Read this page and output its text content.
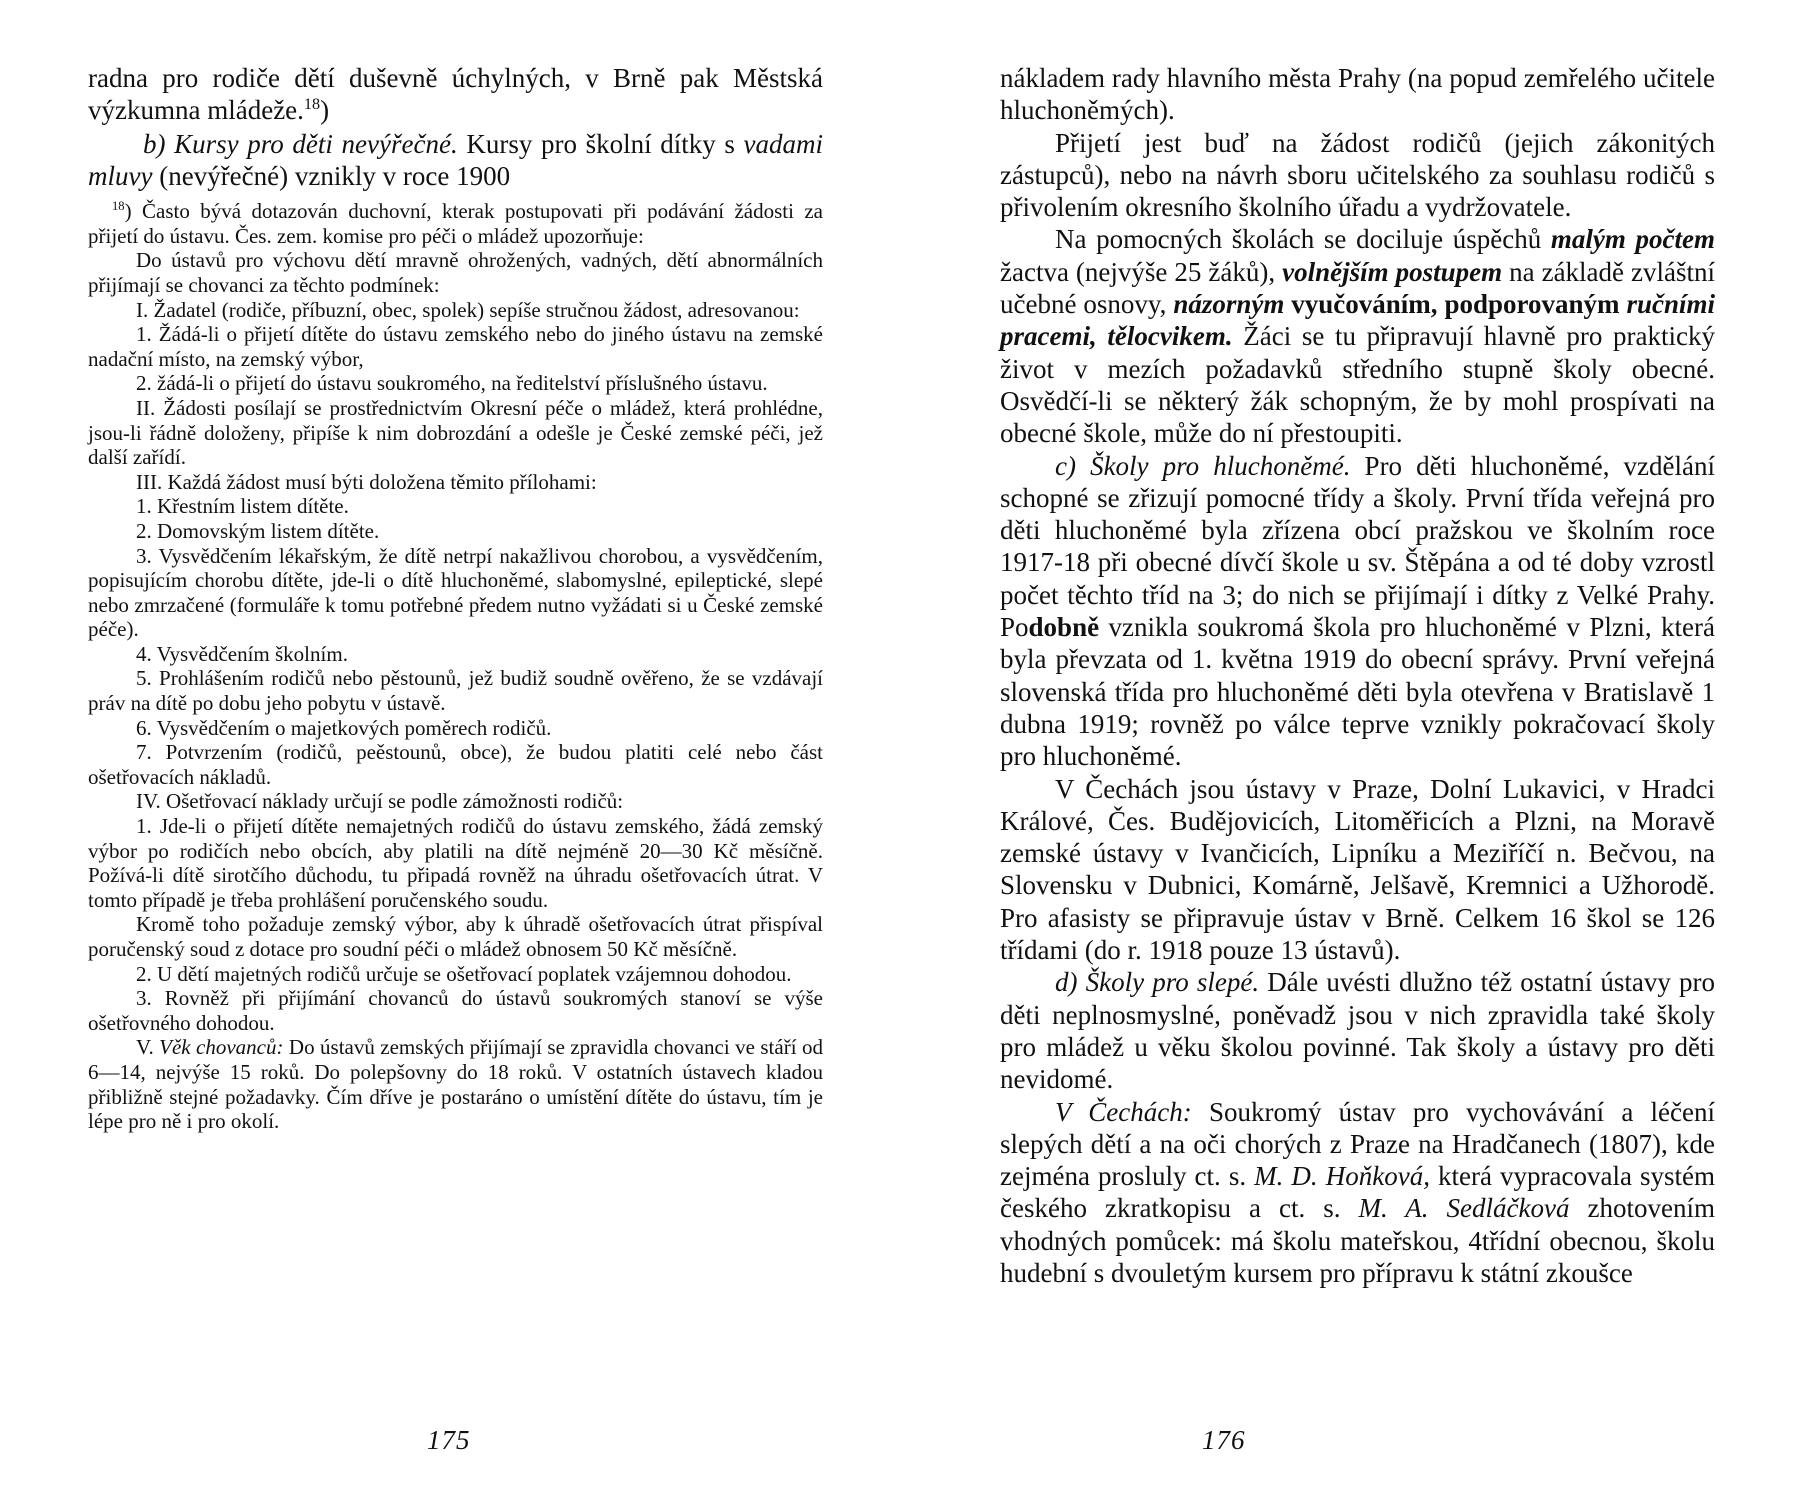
radna pro rodiče dětí duševně úchylných, v Brně pak Městská výzkumna mládeže.$^{18}$)

b) Kursy pro děti nevýřečné. Kursy pro školní dítky s vadami mluvy (nevýřečné) vznikly v roce 1900

$^{18}$) Často bývá dotazován duchovní, kterak postupovati při podávání žádosti za přijetí do ústavu. Čes. zem. komise pro péči o mládež upozorňuje:

Do ústavů pro výchovu dětí mravně ohrožených, vadných, dětí abnormálních přijímají se chovanci za těchto podmínek:

I. Žadatel (rodiče, příbuzní, obec, spolek) sepíše stručnou žádost, adresovanou:

1. Žádá-li o přijetí dítěte do ústavu zemského nebo do jiného ústavu na zemské nadační místo, na zemský výbor,

2. žádá-li o přijetí do ústavu soukromého, na ředitelství příslušného ústavu.

II. Žádosti posílají se prostřednictvím Okresní péče o mládež, která prohlédne, jsou-li řádně doloženy, připíše k nim dobrozdání a odešle je České zemské péči, jež další zařídí.

III. Každá žádost musí býti doložena těmito přílohami:

1. Křestním listem dítěte.

2. Domovským listem dítěte.

3. Vysvědčením lékařským, že dítě netrpí nakažlivou chorobou, a vysvědčením, popisujícím chorobu dítěte, jde-li o dítě hluchoněmé, slabomyslné, epileptické, slepé nebo zmrzačené (formuláře k tomu potřebné předem nutno vyžádati si u České zemské péče).

4. Vysvědčením školním.

5. Prohlášením rodičů nebo pěstounů, jež budiž soudně ověřeno, že se vzdávají práv na dítě po dobu jeho pobytu v ústavě.

6. Vysvědčením o majetkových poměrech rodičů.

7. Potvrzením (rodičů, peěstounů, obce), že budou platiti celé nebo část ošetřovacích nákladů.

IV. Ošetřovací náklady určují se podle zámožnosti rodičů:

1. Jde-li o přijetí dítěte nemajetných rodičů do ústavu zemského, žádá zemský výbor po rodičích nebo obcích, aby platili na dítě nejméně 20—30 Kč měsíčně. Požívá-li dítě sirotčího důchodu, tu připadá rovněž na úhradu ošetřovacích útrat. V tomto případě je třeba prohlášení poručenského soudu.

Kromě toho požaduje zemský výbor, aby k úhradě ošetřovacích útrat přispíval poručenský soud z dotace pro soudní péči o mládež obnosem 50 Kč měsíčně.

2. U dětí majetných rodičů určuje se ošetřovací poplatek vzájemnou dohodou.

3. Rovněž při přijímání chovanců do ústavů soukromých stanoví se výše ošetřovného dohodou.

V. Věk chovanců: Do ústavů zemských přijímají se zpravidla chovanci ve stáří od 6—14, nejvýše 15 roků. Do polepšovny do 18 roků. V ostatních ústavech kladou přibližně stejné požadavky. Čím dříve je postaráno o umístění dítěte do ústavu, tím je lépe pro ně i pro okolí.

175

nákladem rady hlavního města Prahy (na popud zemřelého učitele hluchoněmých).

Přijetí jest buď na žádost rodičů (jejich zákonitých zástupců), nebo na návrh sboru učitelského za souhlasu rodičů s přivolením okresního školního úřadu a vydržovatele.

Na pomocných školách se dociluje úspěchů malým počtem žactva (nejvýše 25 žáků), volnějším postupem na základě zvláštní učebné osnovy, názorným vyučováním, podporovaným ručními pracemi, tělocvikem. Žáci se tu připravují hlavně pro praktický život v mezích požadavků středního stupně školy obecné. Osvědčí-li se některý žák schopným, že by mohl prospívati na obecné škole, může do ní přestoupiti.

c) Školy pro hluchoněmé. Pro děti hluchoněmé, vzdělání schopné se zřizují pomocné třídy a školy. První třída veřejná pro děti hluchoněmé byla zřízena obcí pražskou ve školním roce 1917-18 při obecné dívčí škole u sv. Štěpána a od té doby vzrostl počet těchto tříd na 3; do nich se přijímají i dítky z Velké Prahy. Podobně vznikla soukromá škola pro hluchoněmé v Plzni, která byla převzata od 1. května 1919 do obecní správy. První veřejná slovenská třída pro hluchoněmé děti byla otevřena v Bratislavě 1 dubna 1919; rovněž po válce teprve vznikly pokračovací školy pro hluchoněmé.

V Čechách jsou ústavy v Praze, Dolní Lukavici, v Hradci Králové, Čes. Budějovicích, Litoměřicích a Plzni, na Moravě zemské ústavy v Ivančicích, Lipníku a Meziříčí n. Bečvou, na Slovensku v Dubnici, Komárně, Jelšavě, Kremnici a Užhorodě. Pro afasisty se připravuje ústav v Brně. Celkem 16 škol se 126 třídami (do r. 1918 pouze 13 ústavů).

d) Školy pro slepé. Dále uvésti dlužno též ostatní ústavy pro děti neplnosmyslné, poněvadž jsou v nich zpravidla také školy pro mládež u věku školou povinné. Tak školy a ústavy pro děti nevidomé.

V Čechách: Soukromý ústav pro vychovávání a léčení slepých dětí a na oči chorých z Praze na Hradčanech (1807), kde zejména prosluly ct. s. M. D. Hoňková, která vypracovala systém českého zkratkopisu a ct. s. M. A. Sedláčková zhotovením vhodných pomůcek: má školu mateřskou, 4třídní obecnou, školu hudební s dvouletým kursem pro přípravu k státní zkoušce

176
